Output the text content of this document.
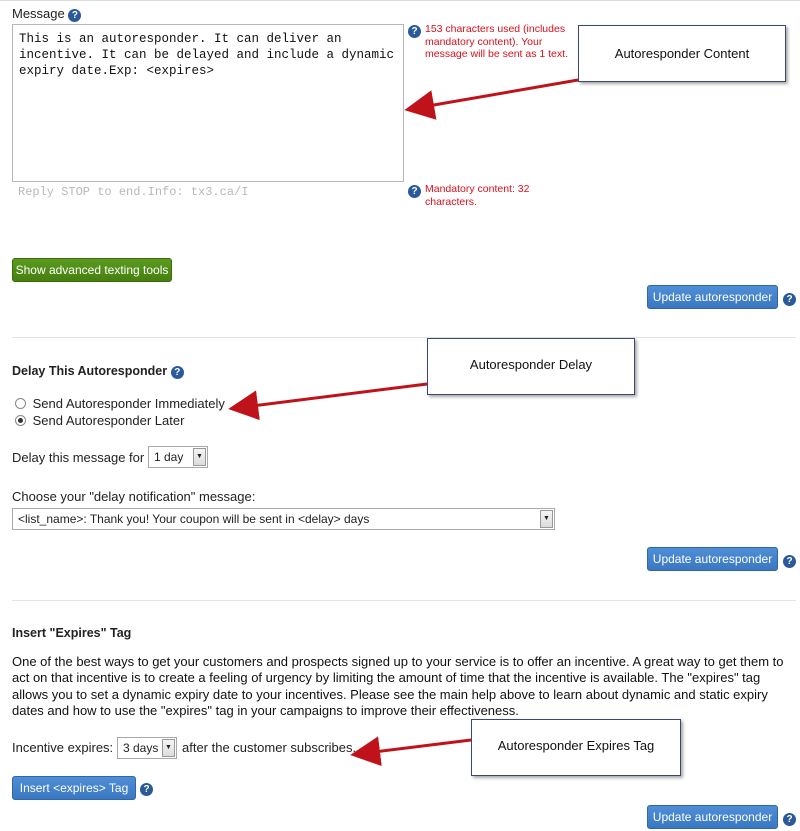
Message ?
This is an autoresponder. It can deliver an incentive. It can be delayed and include a dynamic expiry date.Exp: <expires>
Reply STOP to end.Info: tx3.ca/I
? 153 characters used (includes mandatory content). Your message will be sent as 1 text.
? Mandatory content: 32 characters.
Autoresponder Content
Show advanced texting tools
Update autoresponder	?
Delay This Autoresponder ?
Autoresponder Delay
Send Autoresponder Immediately
Send Autoresponder Later
Delay this message for 1 day	▼
Choose your "delay notification" message:
<list_name>: Thank you! Your coupon will be sent in <delay> days	▼
Update autoresponder	?
Insert "Expires" Tag
One of the best ways to get your customers and prospects signed up to your service is to offer an incentive. A great way to get them to act on that incentive is to create a feeling of urgency by limiting the amount of time that the incentive is available. The "expires" tag allows you to set a dynamic expiry date to your incentives. Please see the main help above to learn about dynamic and static expiry dates and how to use the "expires" tag in your campaigns to improve their effectiveness.
Incentive expires: 3 days ▼ after the customer subscribes.	Autoresponder Expires Tag
Insert <expires> Tag	?
Update autoresponder	?
